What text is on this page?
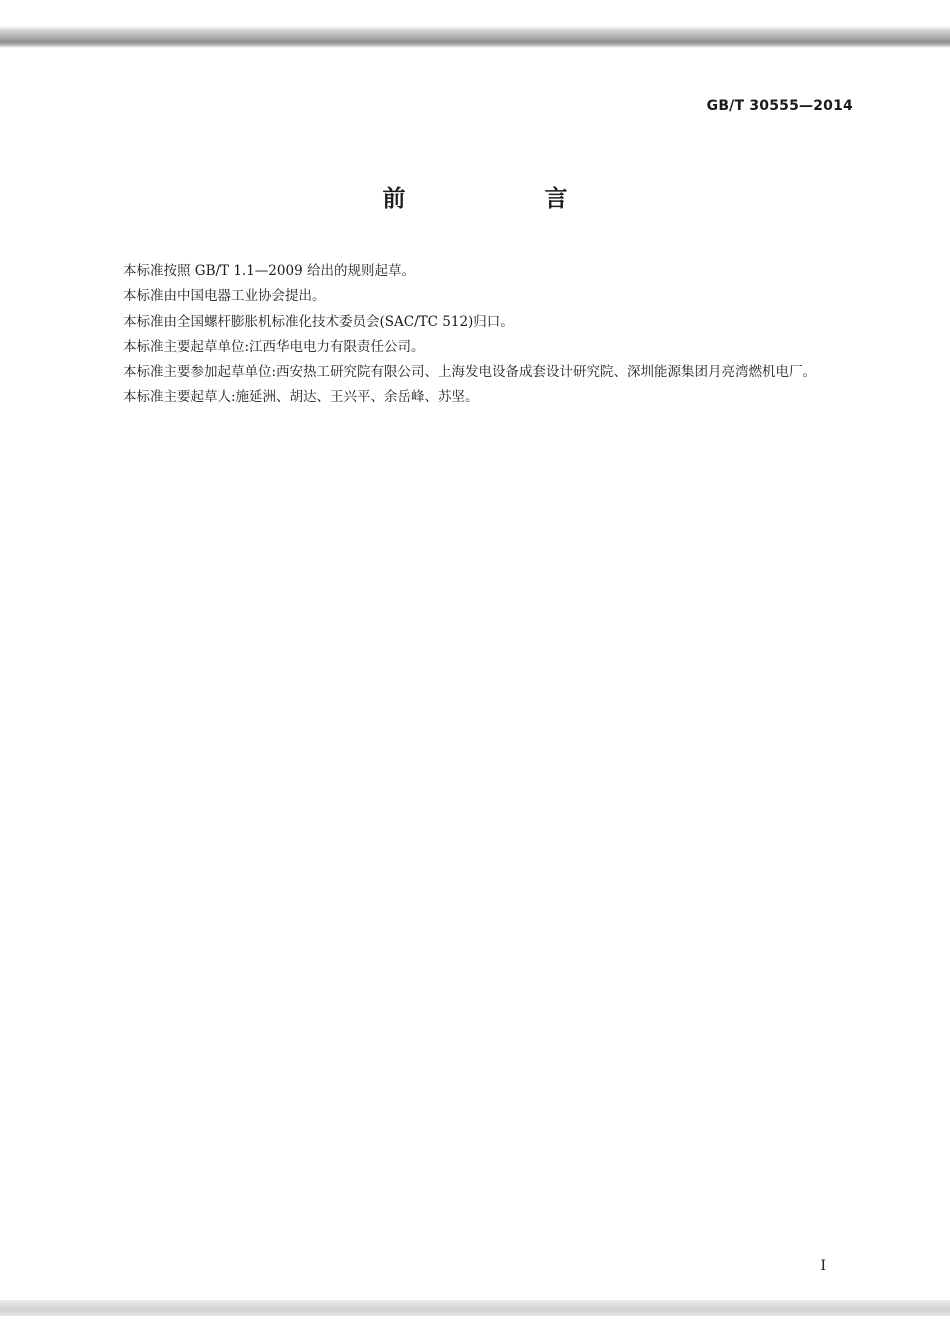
GB/T 30555—2014
前　言

本标准按照 GB/T 1.1—2009 给出的规则起草。

本标准由中国电器工业协会提出。

本标准由全国螺杆膨胀机标准化技术委员会(SAC/TC 512)归口。

本标准主要起草单位:江西华电电力有限责任公司。

本标准主要参加起草单位:西安热工研究院有限公司、上海发电设备成套设计研究院、深圳能源集团月亮湾燃机电厂。

本标准主要起草人:施延洲、胡达、王兴平、余岳峰、苏坚。

I
